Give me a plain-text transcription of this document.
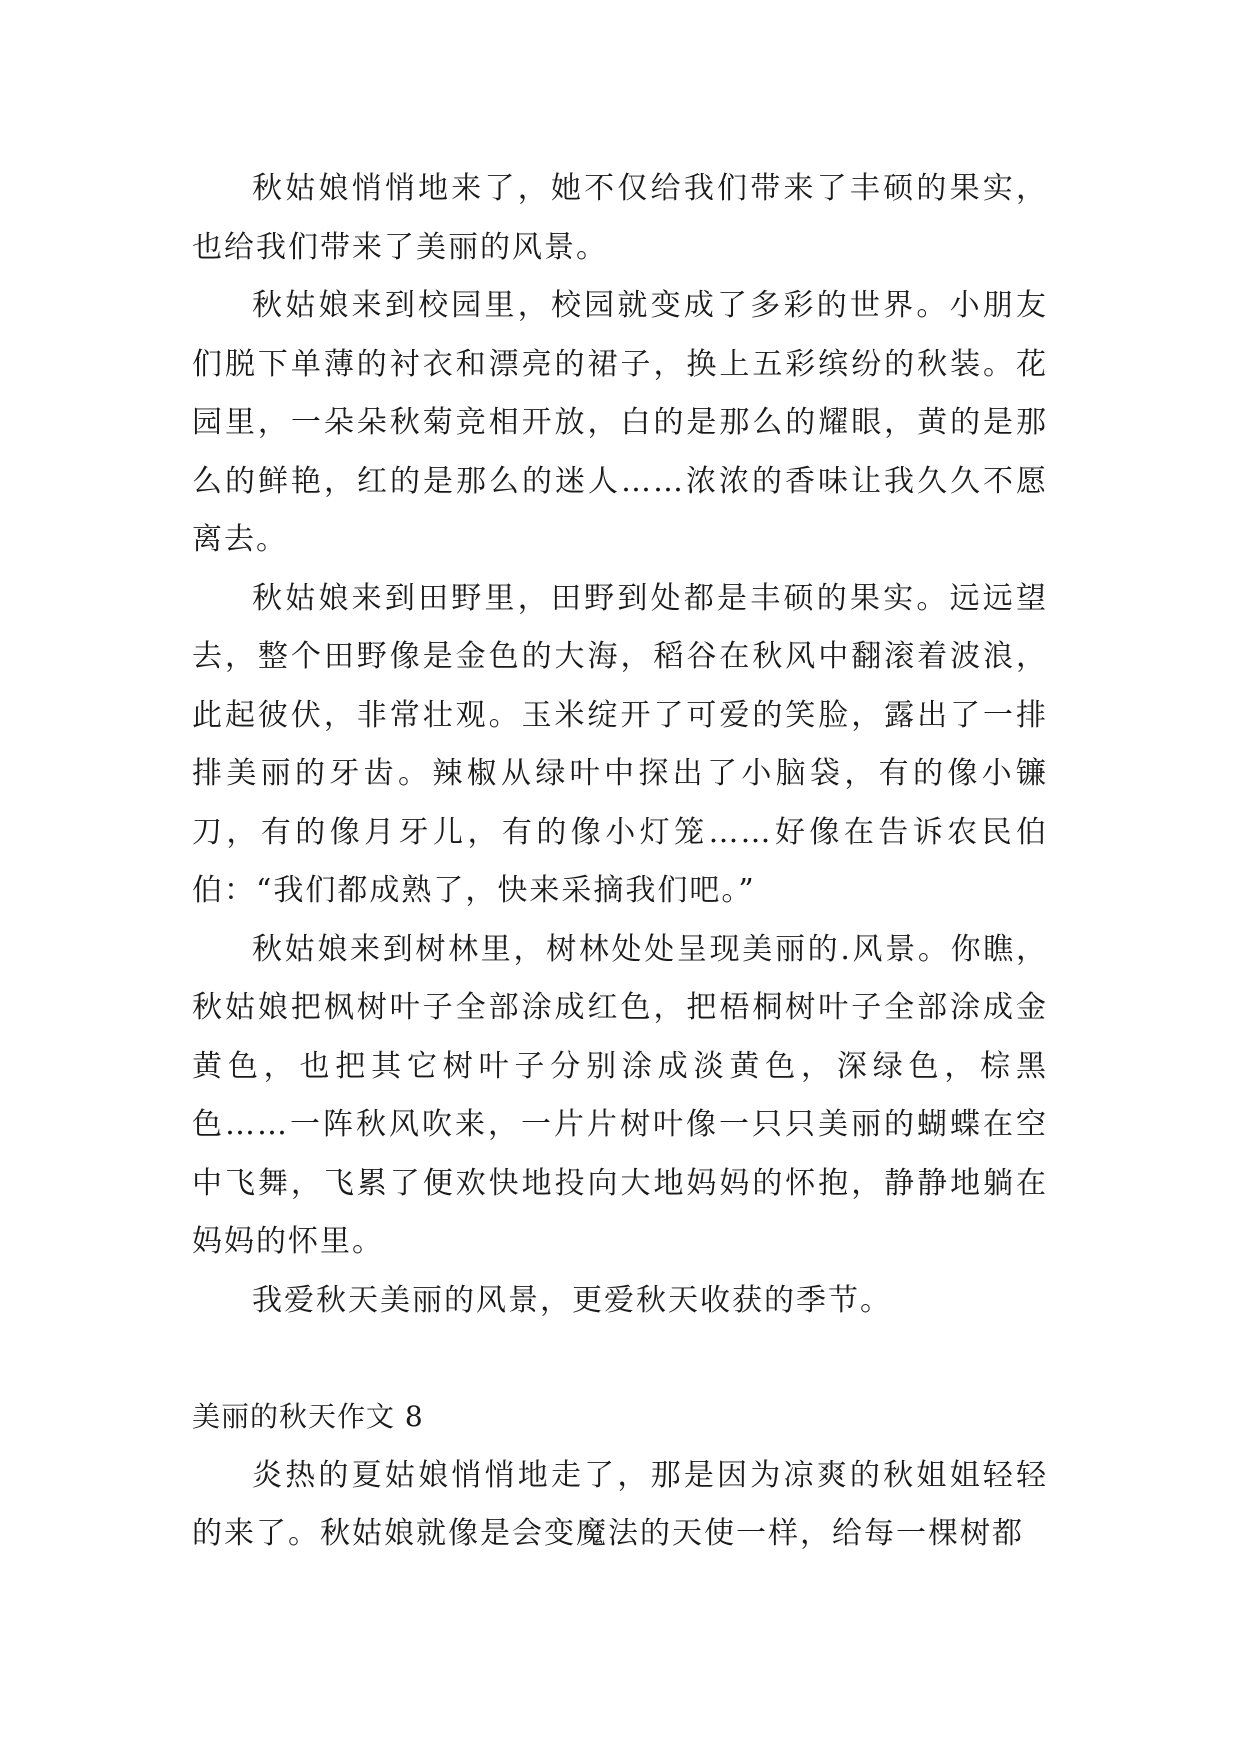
秋姑娘悄悄地来了，她不仅给我们带来了丰硕的果实，也给我们带来了美丽的风景。

秋姑娘来到校园里，校园就变成了多彩的世界。小朋友们脱下单薄的衬衣和漂亮的裙子，换上五彩缤纷的秋装。花园里，一朵朵秋菊竞相开放，白的是那么的耀眼，黄的是那么的鲜艳，红的是那么的迷人……浓浓的香味让我久久不愿离去。

秋姑娘来到田野里，田野到处都是丰硕的果实。远远望去，整个田野像是金色的大海，稻谷在秋风中翻滚着波浪，此起彼伏，非常壮观。玉米绽开了可爱的笑脸，露出了一排排美丽的牙齿。辣椒从绿叶中探出了小脑袋，有的像小镰刀，有的像月牙儿，有的像小灯笼……好像在告诉农民伯伯：“我们都成熟了，快来采摘我们吧。”

秋姑娘来到树林里，树林处处呈现美丽的.风景。你瞧，秋姑娘把枫树叶子全部涂成红色，把梧桐树叶子全部涂成金黄色，也把其它树叶子分别涂成淡黄色，深绿色，棕黑色……一阵秋风吹来，一片片树叶像一只只美丽的蝴蝶在空中飞舞，飞累了便欢快地投向大地妈妈的怀抱，静静地躺在妈妈的怀里。

我爱秋天美丽的风景，更爱秋天收获的季节。

美丽的秋天作文 8

炎热的夏姑娘悄悄地走了，那是因为凉爽的秋姐姐轻轻的来了。秋姑娘就像是会变魔法的天使一样，给每一棵树都
